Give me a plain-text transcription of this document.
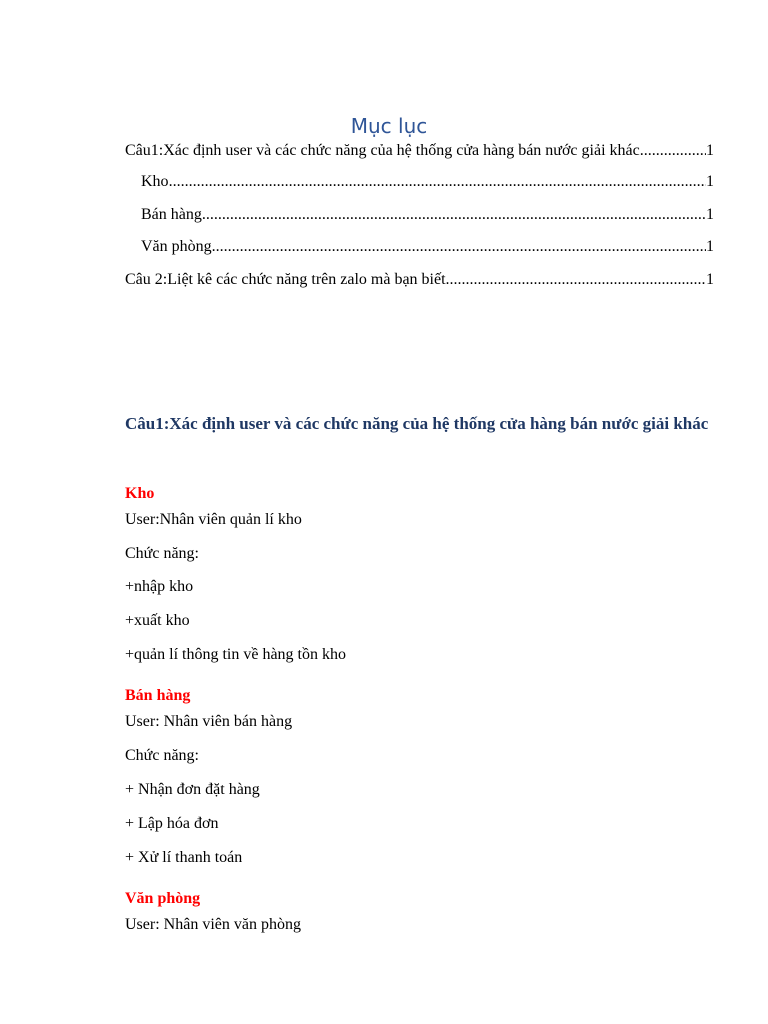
Mục lục
Câu1:Xác định user và các chức năng của hệ thống cửa hàng bán nước giải khác .....	1
Kho .....	1
Bán hàng .....	1
Văn phòng .....	1
Câu 2:Liệt kê các chức năng trên zalo mà bạn biết .....	1
Câu1:Xác định user và các chức năng của hệ thống cửa hàng bán nước giải khác
Kho
User:Nhân viên quản lí kho
Chức năng:
+nhập kho
+xuất kho
+quản lí thông tin về hàng tồn kho
Bán hàng
User: Nhân viên bán hàng
Chức năng:
+ Nhận đơn đặt hàng
+ Lập hóa đơn
+ Xử lí thanh toán
Văn phòng
User: Nhân viên văn phòng
